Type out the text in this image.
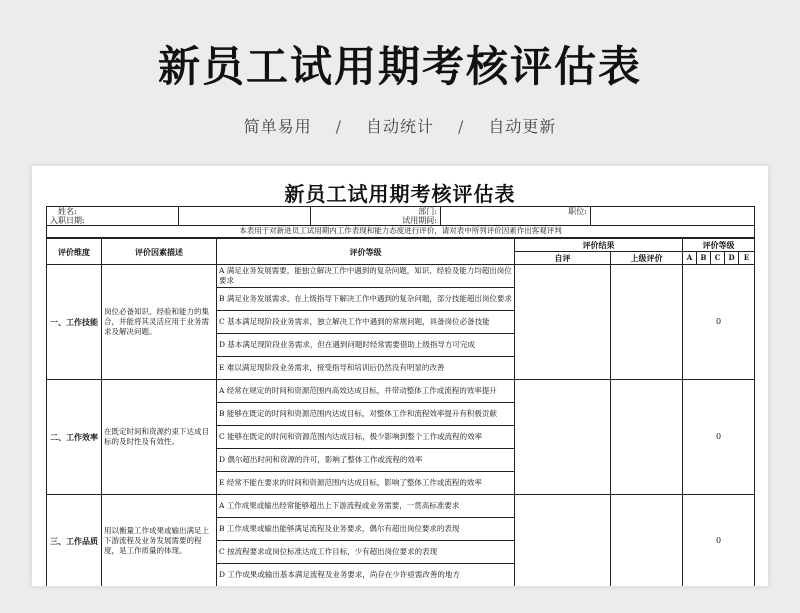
新员工试用期考核评估表
简单易用 / 自动统计 / 自动更新
新员工试用期考核评估表
姓名:
入职日期:

部门:
试用期间:

职位:

本表用于对新进员工试用期内工作表现和能力态度进行评价，请对表中所列评价因素作出客观评判
评价维度	评价因素描述	评价等级	评价结果		评价等级				
			自评	上级评价	A	B	C	D	E
一、工作技能	岗位必备知识、经验和能力的集合，并能将其灵活应用于业务需求及解决问题。	A 满足业务发展需要，能独立解决工作中遇到的复杂问题，知识、经验及能力均超出岗位要求			0				
		B 满足业务发展需求，在上级指导下解决工作中遇到的复杂问题，部分技能超出岗位要求							
		C 基本满足现阶段业务需求，独立解决工作中遇到的常规问题，具备岗位必备技能							
		D 基本满足现阶段业务需求，但在遇到问题时经常需要借助上级指导方可完成							
		E 难以满足现阶段业务需求，接受指导和培训后仍然没有明显的改善							
二、工作效率	在既定时间和资源约束下达成目标的及时性及有效性。	A 经常在规定的时间和资源范围内高效达成目标，并带动整体工作或流程的效率提升			0				
		B 能够在既定的时间和资源范围内达成目标，对整体工作和流程效率提升有积极贡献							
		C 能够在既定的时间和资源范围内达成目标，极少影响到整个工作或流程的效率							
		D 偶尔超出时间和资源的许可，影响了整体工作或流程的效率							
		E 经常不能在要求的时间和资源范围内达成目标，影响了整体工作或流程的效率							
三、工作品质	用以衡量工作成果或输出满足上下游流程及业务发展需要的程度，是工作质量的体现。	A 工作成果或输出经常能够超出上下游流程或业务需要，一贯高标准要求			0				
		B 工作成果或输出能够满足流程及业务要求，偶尔有超出岗位要求的表现							
		C 按流程要求或岗位标准达成工作目标，少有超出岗位要求的表现							
		D 工作成果或输出基本满足流程及业务要求，尚存在少许亟需改善的地方							
